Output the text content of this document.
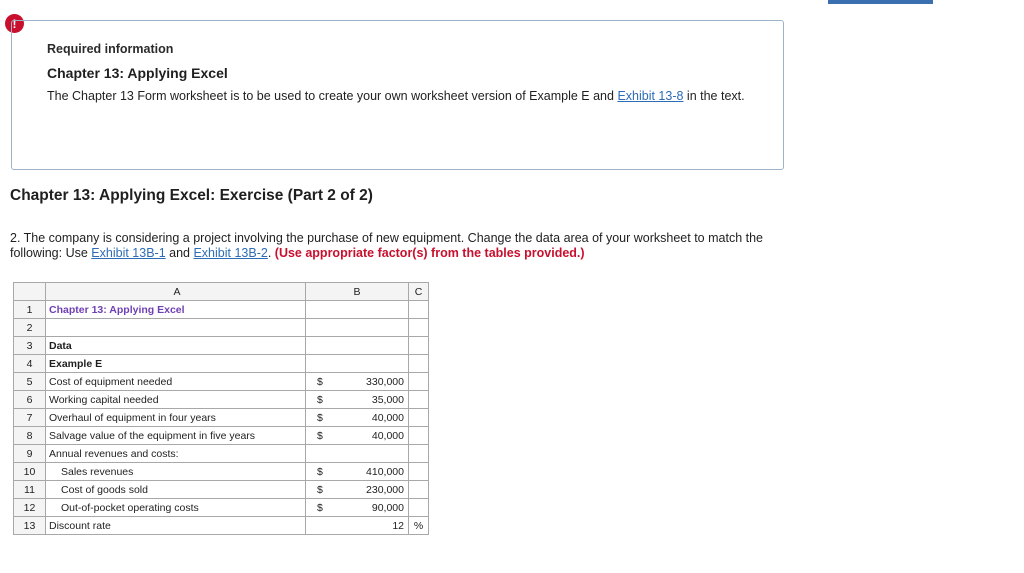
!
Required information
Chapter 13: Applying Excel
The Chapter 13 Form worksheet is to be used to create your own worksheet version of Example E and Exhibit 13-8 in the text.
Chapter 13: Applying Excel: Exercise (Part 2 of 2)
2. The company is considering a project involving the purchase of new equipment. Change the data area of your worksheet to match the following: Use Exhibit 13B-1 and Exhibit 13B-2. (Use appropriate factor(s) from the tables provided.)
	A	B	C
1	Chapter 13: Applying Excel	

2		

3	Data	

4	Example E	

5	Cost of equipment needed	$ 330,000	

6	Working capital needed	$ 35,000	

7	Overhaul of equipment in four years	$ 40,000	

8	Salvage value of the equipment in five years	$ 40,000	

9	Annual revenues and costs:	

10	Sales revenues	$ 410,000	

11	Cost of goods sold	$ 230,000	

12	Out-of-pocket operating costs	$ 90,000	

13	Discount rate	12	%
